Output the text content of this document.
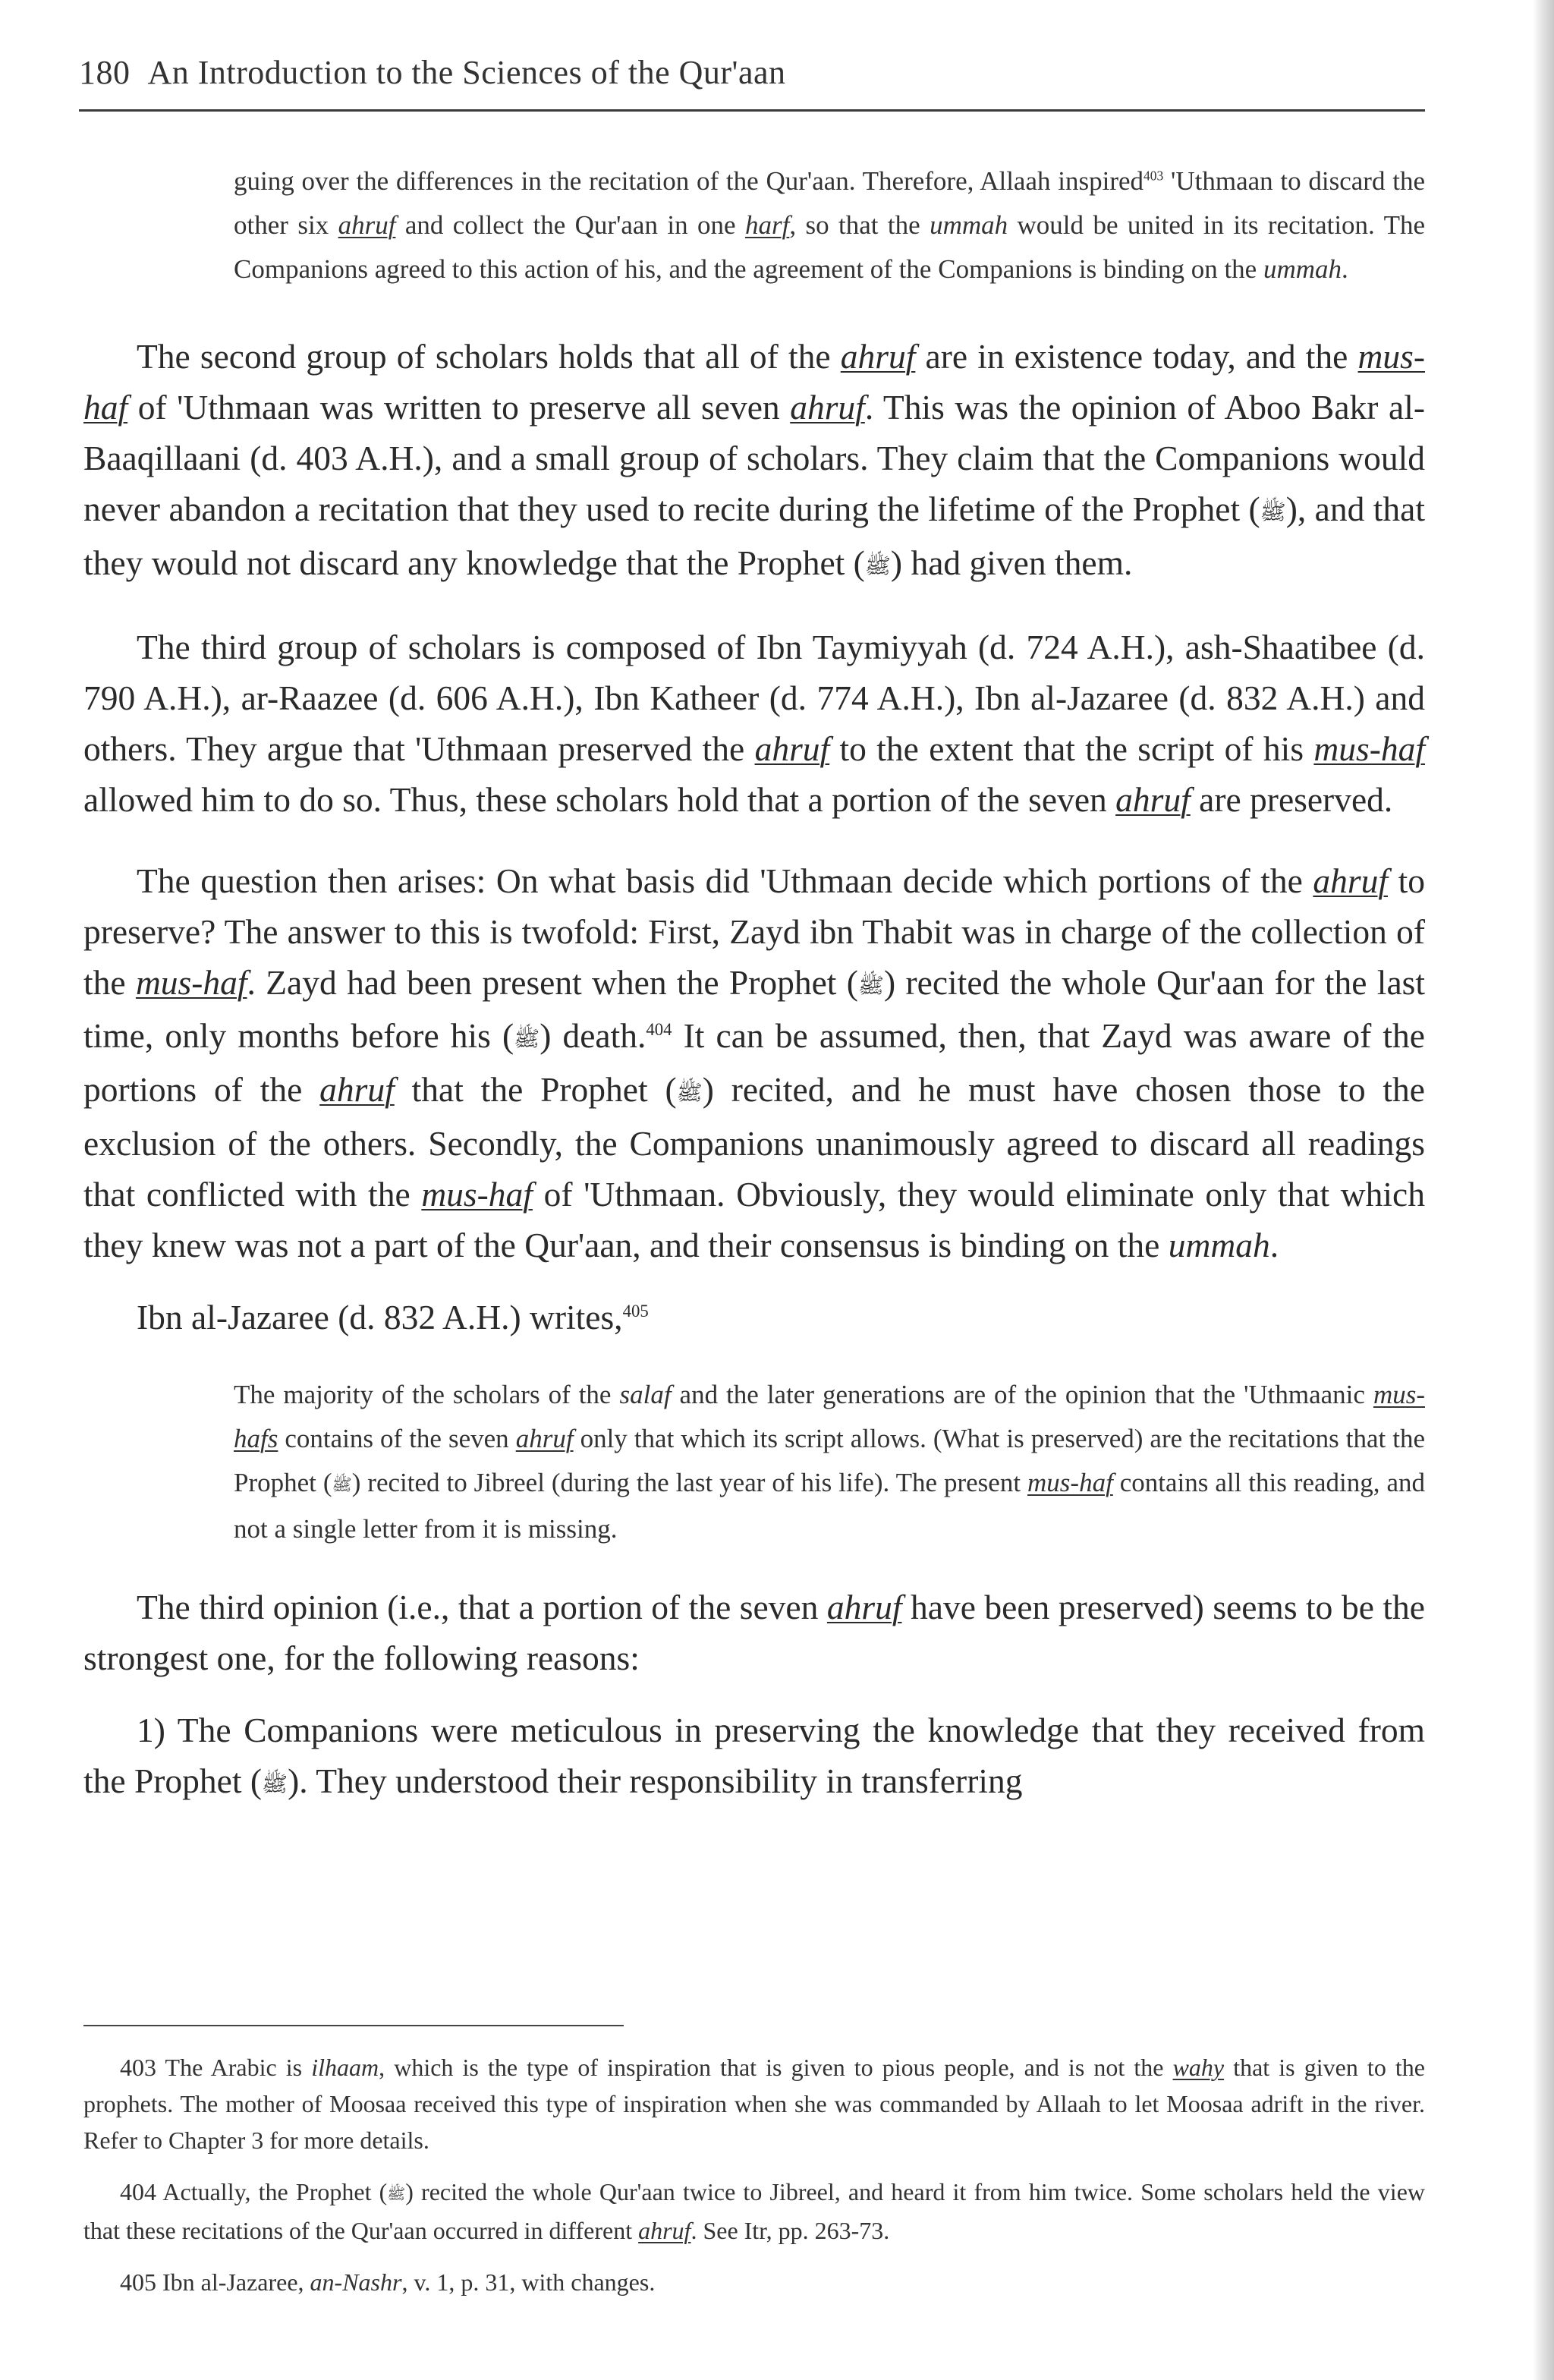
180 An Introduction to the Sciences of the Qur'aan

guing over the differences in the recitation of the Qur'aan. Therefore, Allaah inspired$^{403}$ 'Uthmaan to discard the other six ahruf and collect the Qur'aan in one harf, so that the ummah would be united in its recitation. The Companions agreed to this action of his, and the agreement of the Companions is binding on the ummah.

The second group of scholars holds that all of the ahruf are in existence today, and the mus-haf of 'Uthmaan was written to preserve all seven ahruf. This was the opinion of Aboo Bakr al-Baaqillaani (d. 403 A.H.), and a small group of scholars. They claim that the Companions would never abandon a recitation that they used to recite during the lifetime of the Prophet (ﷺ), and that they would not discard any knowledge that the Prophet (ﷺ) had given them.

The third group of scholars is composed of Ibn Taymiyyah (d. 724 A.H.), ash-Shaatibee (d. 790 A.H.), ar-Raazee (d. 606 A.H.), Ibn Katheer (d. 774 A.H.), Ibn al-Jazaree (d. 832 A.H.) and others. They argue that 'Uthmaan preserved the ahruf to the extent that the script of his mus-haf allowed him to do so. Thus, these scholars hold that a portion of the seven ahruf are preserved.

The question then arises: On what basis did 'Uthmaan decide which portions of the ahruf to preserve? The answer to this is twofold: First, Zayd ibn Thabit was in charge of the collection of the mus-haf. Zayd had been present when the Prophet (ﷺ) recited the whole Qur'aan for the last time, only months before his (ﷺ) death.$^{404}$ It can be assumed, then, that Zayd was aware of the portions of the ahruf that the Prophet (ﷺ) recited, and he must have chosen those to the exclusion of the others. Secondly, the Companions unanimously agreed to discard all readings that conflicted with the mus-haf of 'Uthmaan. Obviously, they would eliminate only that which they knew was not a part of the Qur'aan, and their consensus is binding on the ummah.

Ibn al-Jazaree (d. 832 A.H.) writes,$^{405}$

The majority of the scholars of the salaf and the later generations are of the opinion that the 'Uthmaanic mus-hafs contains of the seven ahruf only that which its script allows. (What is preserved) are the recitations that the Prophet (ﷺ) recited to Jibreel (during the last year of his life). The present mus-haf contains all this reading, and not a single letter from it is missing.

The third opinion (i.e., that a portion of the seven ahruf have been preserved) seems to be the strongest one, for the following reasons:

1) The Companions were meticulous in preserving the knowledge that they received from the Prophet (ﷺ). They understood their responsibility in transferring

403 The Arabic is ilhaam, which is the type of inspiration that is given to pious people, and is not the wahy that is given to the prophets. The mother of Moosaa received this type of inspiration when she was commanded by Allaah to let Moosaa adrift in the river. Refer to Chapter 3 for more details.

404 Actually, the Prophet (ﷺ) recited the whole Qur'aan twice to Jibreel, and heard it from him twice. Some scholars held the view that these recitations of the Qur'aan occurred in different ahruf. See Itr, pp. 263-73.

405 Ibn al-Jazaree, an-Nashr, v. 1, p. 31, with changes.
